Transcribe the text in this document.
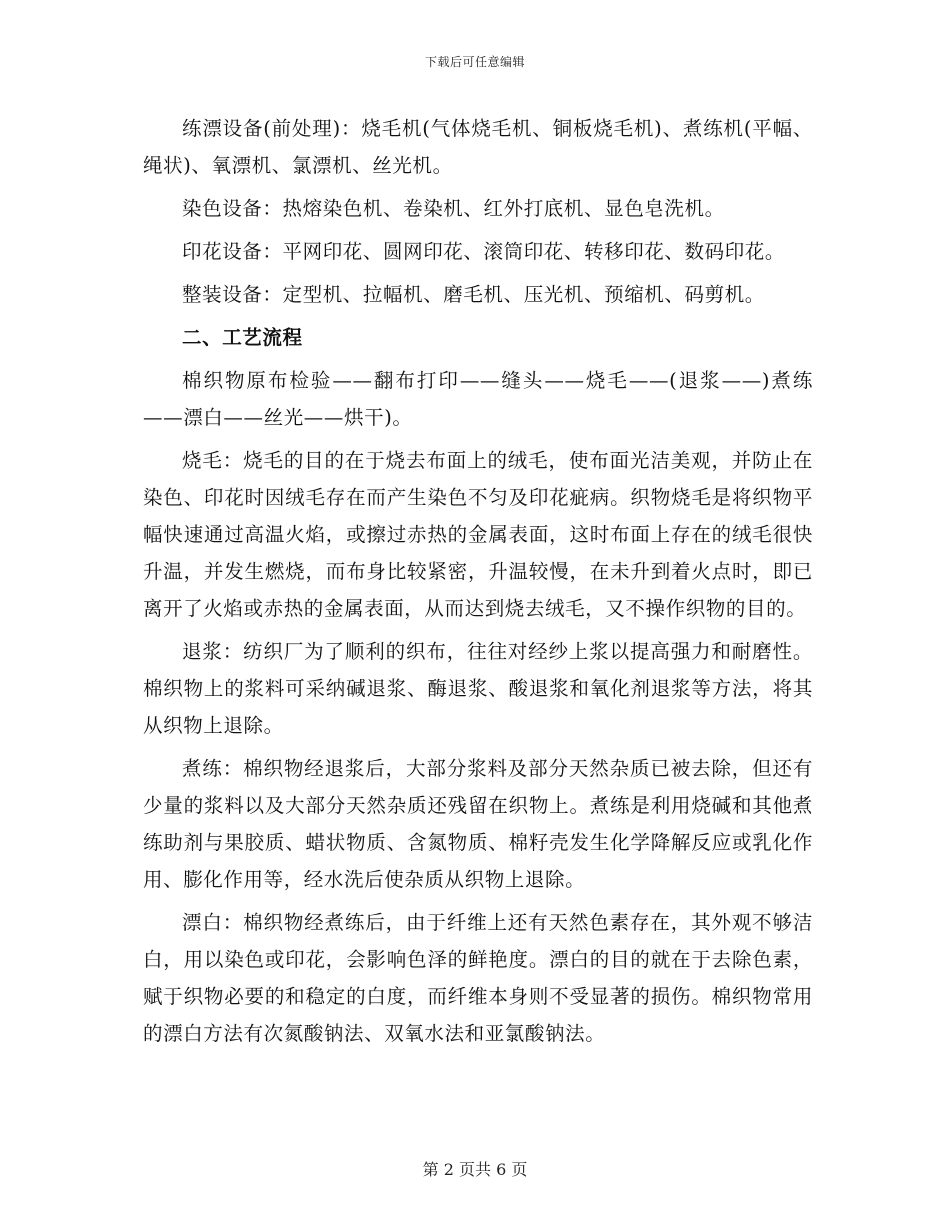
下载后可任意编辑

练漂设备(前处理)：烧毛机(气体烧毛机、铜板烧毛机)、煮练机(平幅、绳状)、氧漂机、氯漂机、丝光机。

染色设备：热熔染色机、卷染机、红外打底机、显色皂洗机。

印花设备：平网印花、圆网印花、滚筒印花、转移印花、数码印花。

整装设备：定型机、拉幅机、磨毛机、压光机、预缩机、码剪机。

二、工艺流程

棉织物原布检验——翻布打印——缝头——烧毛——(退浆——)煮练——漂白——丝光——烘干)。

烧毛：烧毛的目的在于烧去布面上的绒毛，使布面光洁美观，并防止在染色、印花时因绒毛存在而产生染色不匀及印花疵病。织物烧毛是将织物平幅快速通过高温火焰，或擦过赤热的金属表面，这时布面上存在的绒毛很快升温，并发生燃烧，而布身比较紧密，升温较慢，在未升到着火点时，即已离开了火焰或赤热的金属表面，从而达到烧去绒毛，又不操作织物的目的。

退浆：纺织厂为了顺利的织布，往往对经纱上浆以提高强力和耐磨性。棉织物上的浆料可采纳碱退浆、酶退浆、酸退浆和氧化剂退浆等方法，将其从织物上退除。

煮练：棉织物经退浆后，大部分浆料及部分天然杂质已被去除，但还有少量的浆料以及大部分天然杂质还残留在织物上。煮练是利用烧碱和其他煮练助剂与果胶质、蜡状物质、含氮物质、棉籽壳发生化学降解反应或乳化作用、膨化作用等，经水洗后使杂质从织物上退除。

漂白：棉织物经煮练后，由于纤维上还有天然色素存在，其外观不够洁白，用以染色或印花，会影响色泽的鲜艳度。漂白的目的就在于去除色素，赋于织物必要的和稳定的白度，而纤维本身则不受显著的损伤。棉织物常用的漂白方法有次氮酸钠法、双氧水法和亚氯酸钠法。

第 2 页共 6 页
